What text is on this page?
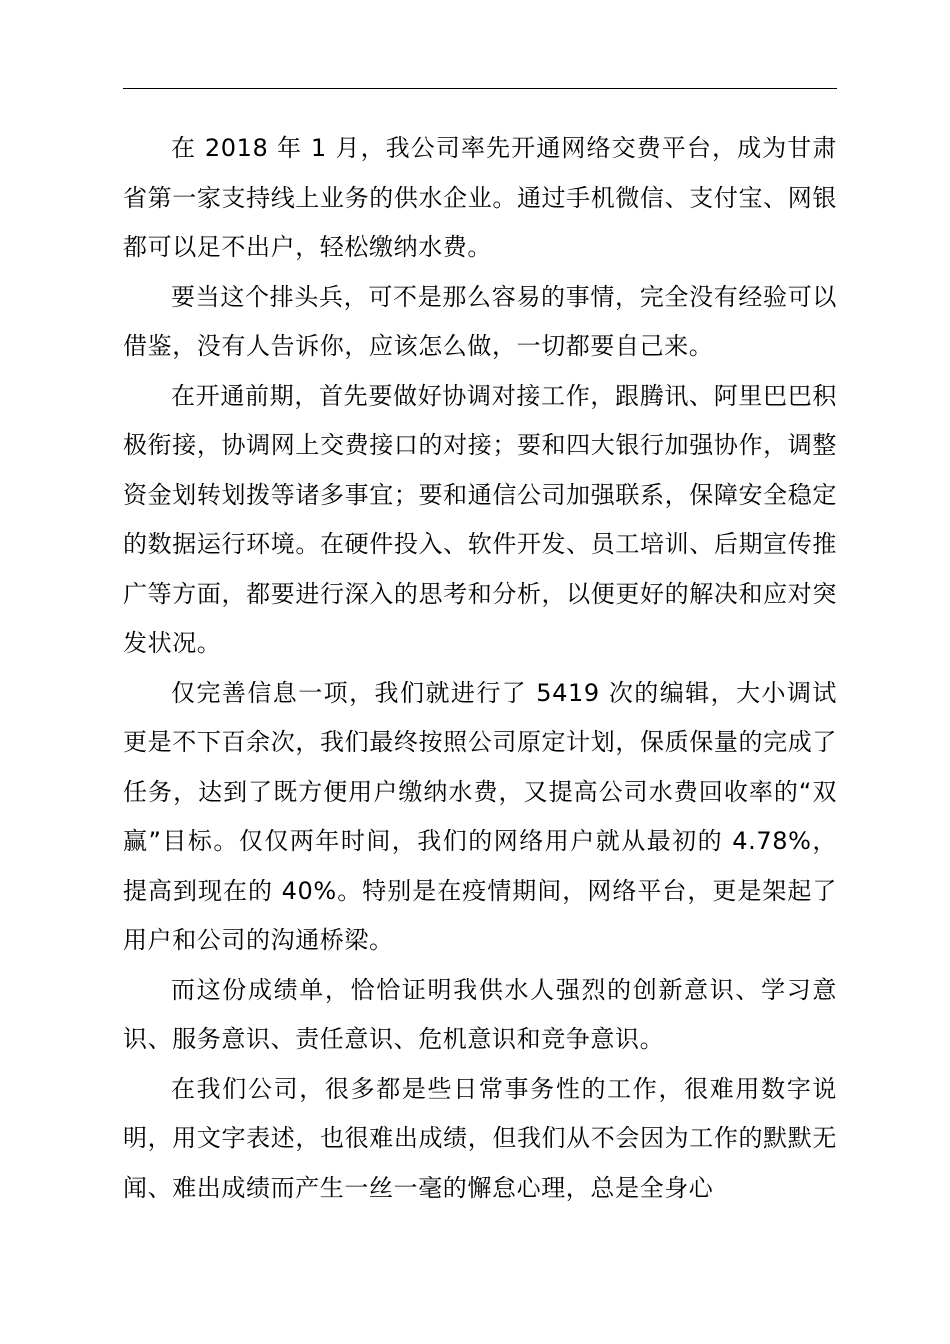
在 2018 年 1 月，我公司率先开通网络交费平台，成为甘肃省第一家支持线上业务的供水企业。通过手机微信、支付宝、网银都可以足不出户，轻松缴纳水费。

要当这个排头兵，可不是那么容易的事情，完全没有经验可以借鉴，没有人告诉你，应该怎么做，一切都要自己来。

在开通前期，首先要做好协调对接工作，跟腾讯、阿里巴巴积极衔接，协调网上交费接口的对接；要和四大银行加强协作，调整资金划转划拨等诸多事宜；要和通信公司加强联系，保障安全稳定的数据运行环境。在硬件投入、软件开发、员工培训、后期宣传推广等方面，都要进行深入的思考和分析，以便更好的解决和应对突发状况。

仅完善信息一项，我们就进行了 5419 次的编辑，大小调试更是不下百余次，我们最终按照公司原定计划，保质保量的完成了任务，达到了既方便用户缴纳水费，又提高公司水费回收率的“双赢”目标。仅仅两年时间，我们的网络用户就从最初的 4.78%，提高到现在的 40%。特别是在疫情期间，网络平台，更是架起了用户和公司的沟通桥梁。

而这份成绩单，恰恰证明我供水人强烈的创新意识、学习意识、服务意识、责任意识、危机意识和竞争意识。

在我们公司，很多都是些日常事务性的工作，很难用数字说明，用文字表述，也很难出成绩，但我们从不会因为工作的默默无闻、难出成绩而产生一丝一毫的懈怠心理，总是全身心
